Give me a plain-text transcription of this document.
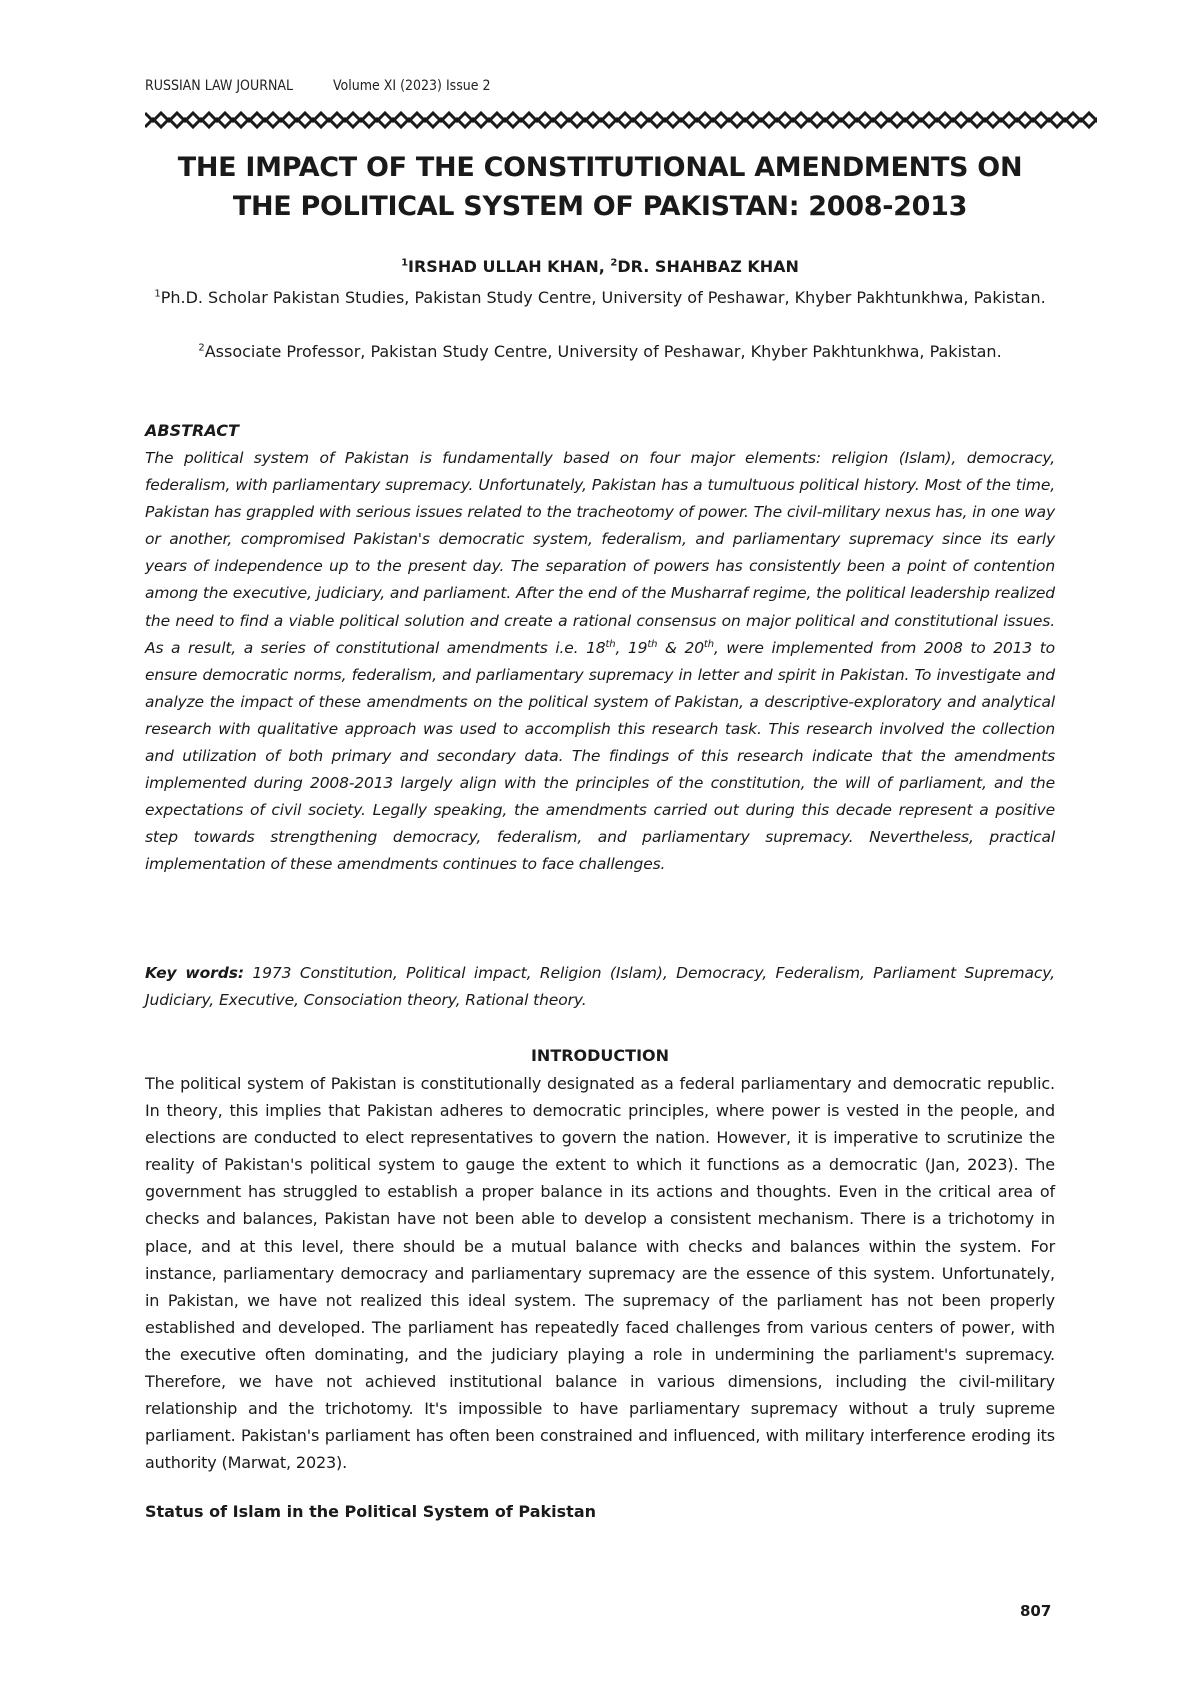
RUSSIAN LAW JOURNAL	Volume XI (2023) Issue 2
THE IMPACT OF THE CONSTITUTIONAL AMENDMENTS ON
THE POLITICAL SYSTEM OF PAKISTAN: 2008-2013
$^1$IRSHAD ULLAH KHAN, $^2$DR. SHAHBAZ KHAN
$^1$Ph.D. Scholar Pakistan Studies, Pakistan Study Centre, University of Peshawar, Khyber Pakhtunkhwa, Pakistan.
$^2$Associate Professor, Pakistan Study Centre, University of Peshawar, Khyber Pakhtunkhwa, Pakistan.
ABSTRACT
The political system of Pakistan is fundamentally based on four major elements: religion (Islam), democracy, federalism, with parliamentary supremacy. Unfortunately, Pakistan has a tumultuous political history. Most of the time, Pakistan has grappled with serious issues related to the tracheotomy of power. The civil-military nexus has, in one way or another, compromised Pakistan's democratic system, federalism, and parliamentary supremacy since its early years of independence up to the present day. The separation of powers has consistently been a point of contention among the executive, judiciary, and parliament. After the end of the Musharraf regime, the political leadership realized the need to find a viable political solution and create a rational consensus on major political and constitutional issues. As a result, a series of constitutional amendments i.e. 18th, 19th & 20th, were implemented from 2008 to 2013 to ensure democratic norms, federalism, and parliamentary supremacy in letter and spirit in Pakistan. To investigate and analyze the impact of these amendments on the political system of Pakistan, a descriptive-exploratory and analytical research with qualitative approach was used to accomplish this research task. This research involved the collection and utilization of both primary and secondary data. The findings of this research indicate that the amendments implemented during 2008-2013 largely align with the principles of the constitution, the will of parliament, and the expectations of civil society. Legally speaking, the amendments carried out during this decade represent a positive step towards strengthening democracy, federalism, and parliamentary supremacy. Nevertheless, practical implementation of these amendments continues to face challenges.
Key words: 1973 Constitution, Political impact, Religion (Islam), Democracy, Federalism, Parliament Supremacy, Judiciary, Executive, Consociation theory, Rational theory.
INTRODUCTION
The political system of Pakistan is constitutionally designated as a federal parliamentary and democratic republic. In theory, this implies that Pakistan adheres to democratic principles, where power is vested in the people, and elections are conducted to elect representatives to govern the nation. However, it is imperative to scrutinize the reality of Pakistan's political system to gauge the extent to which it functions as a democratic (Jan, 2023). The government has struggled to establish a proper balance in its actions and thoughts. Even in the critical area of checks and balances, Pakistan have not been able to develop a consistent mechanism. There is a trichotomy in place, and at this level, there should be a mutual balance with checks and balances within the system. For instance, parliamentary democracy and parliamentary supremacy are the essence of this system. Unfortunately, in Pakistan, we have not realized this ideal system. The supremacy of the parliament has not been properly established and developed. The parliament has repeatedly faced challenges from various centers of power, with the executive often dominating, and the judiciary playing a role in undermining the parliament's supremacy. Therefore, we have not achieved institutional balance in various dimensions, including the civil-military relationship and the trichotomy. It's impossible to have parliamentary supremacy without a truly supreme parliament. Pakistan's parliament has often been constrained and influenced, with military interference eroding its authority (Marwat, 2023).
Status of Islam in the Political System of Pakistan
807
